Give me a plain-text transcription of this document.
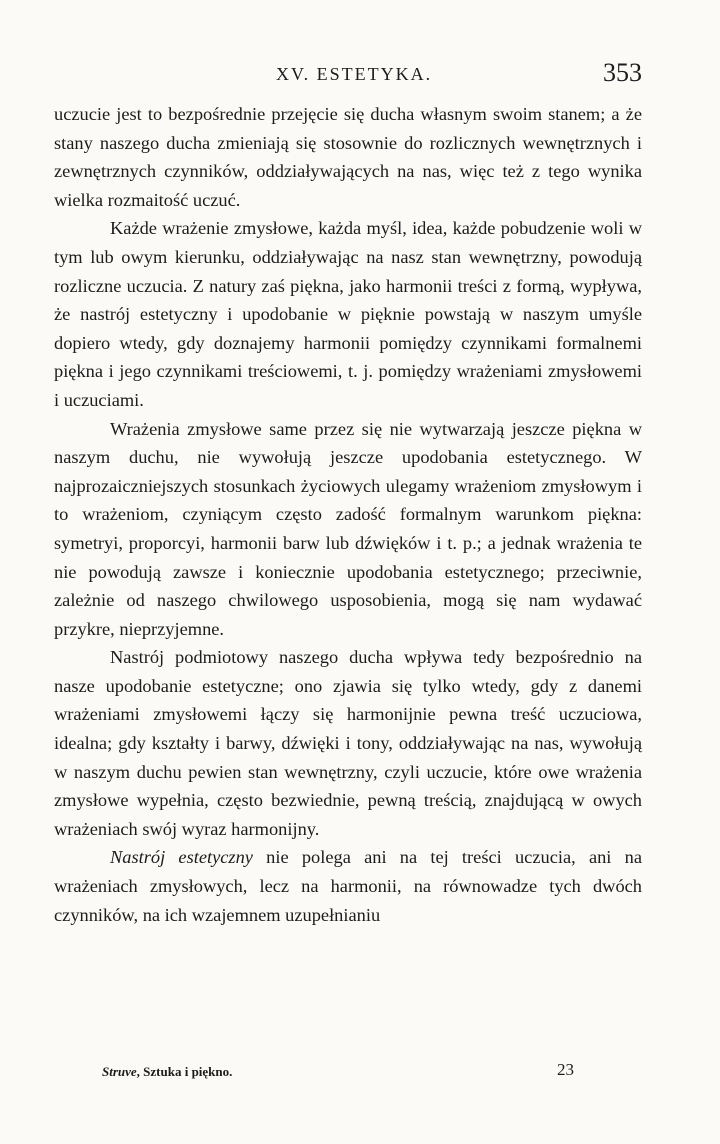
XV. ESTETYKA.	353

uczucie jest to bezpośrednie przejęcie się ducha własnym swoim stanem; a że stany naszego ducha zmieniają się stosownie do rozlicznych wewnętrznych i zewnętrznych czynników, oddziaływających na nas, więc też z tego wynika wielka rozmaitość uczuć.

Każde wrażenie zmysłowe, każda myśl, idea, każde pobudzenie woli w tym lub owym kierunku, oddziaływając na nasz stan wewnętrzny, powodują rozliczne uczucia. Z natury zaś piękna, jako harmonii treści z formą, wypływa, że nastrój estetyczny i upodobanie w pięknie powstają w naszym umyśle dopiero wtedy, gdy doznajemy harmonii pomiędzy czynnikami formalnemi piękna i jego czynnikami treściowemi, t. j. pomiędzy wrażeniami zmysłowemi i uczuciami.

Wrażenia zmysłowe same przez się nie wytwarzają jeszcze piękna w naszym duchu, nie wywołują jeszcze upodobania estetycznego. W najprozaiczniejszych stosunkach życiowych ulegamy wrażeniom zmysłowym i to wrażeniom, czyniącym często zadość formalnym warunkom piękna: symetryi, proporcyi, harmonii barw lub dźwięków i t. p.; a jednak wrażenia te nie powodują zawsze i koniecznie upodobania estetycznego; przeciwnie, zależnie od naszego chwilowego usposobienia, mogą się nam wydawać przykre, nieprzyjemne.

Nastrój podmiotowy naszego ducha wpływa tedy bezpośrednio na nasze upodobanie estetyczne; ono zjawia się tylko wtedy, gdy z danemi wrażeniami zmysłowemi łączy się harmonijnie pewna treść uczuciowa, idealna; gdy kształty i barwy, dźwięki i tony, oddziaływając na nas, wywołują w naszym duchu pewien stan wewnętrzny, czyli uczucie, które owe wrażenia zmysłowe wypełnia, często bezwiednie, pewną treścią, znajdującą w owych wrażeniach swój wyraz harmonijny.

Nastrój estetyczny nie polega ani na tej treści uczucia, ani na wrażeniach zmysłowych, lecz na harmonii, na równowadze tych dwóch czynników, na ich wzajemnem uzupełnianiu

Struve, Sztuka i piękno.	23
